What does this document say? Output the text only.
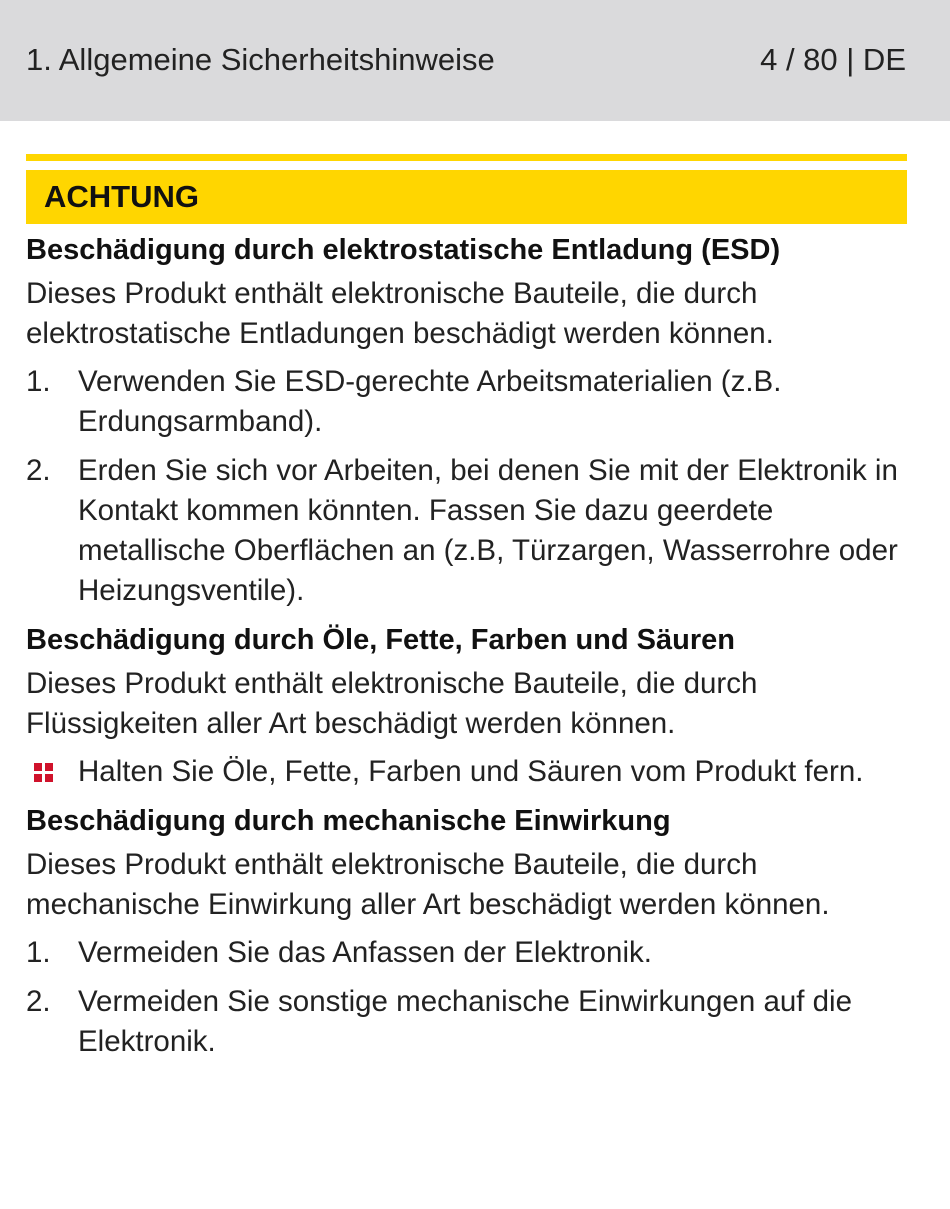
1. Allgemeine Sicherheitshinweise	4 / 80 | DE
ACHTUNG
Beschädigung durch elektrostatische Entladung (ESD)
Dieses Produkt enthält elektronische Bauteile, die durch elektrostatische Entladungen beschädigt werden können.
1. Verwenden Sie ESD-gerechte Arbeitsmaterialien (z.B. Erdungsarmband).
2. Erden Sie sich vor Arbeiten, bei denen Sie mit der Elektronik in Kontakt kommen könnten. Fassen Sie dazu geerdete metallische Oberflächen an (z.B, Türzargen, Wasserrohre oder Heizungsventile).
Beschädigung durch Öle, Fette, Farben und Säuren
Dieses Produkt enthält elektronische Bauteile, die durch Flüssigkeiten aller Art beschädigt werden können.
Halten Sie Öle, Fette, Farben und Säuren vom Produkt fern.
Beschädigung durch mechanische Einwirkung
Dieses Produkt enthält elektronische Bauteile, die durch mechanische Einwirkung aller Art beschädigt werden können.
1. Vermeiden Sie das Anfassen der Elektronik.
2. Vermeiden Sie sonstige mechanische Einwirkungen auf die Elektronik.
